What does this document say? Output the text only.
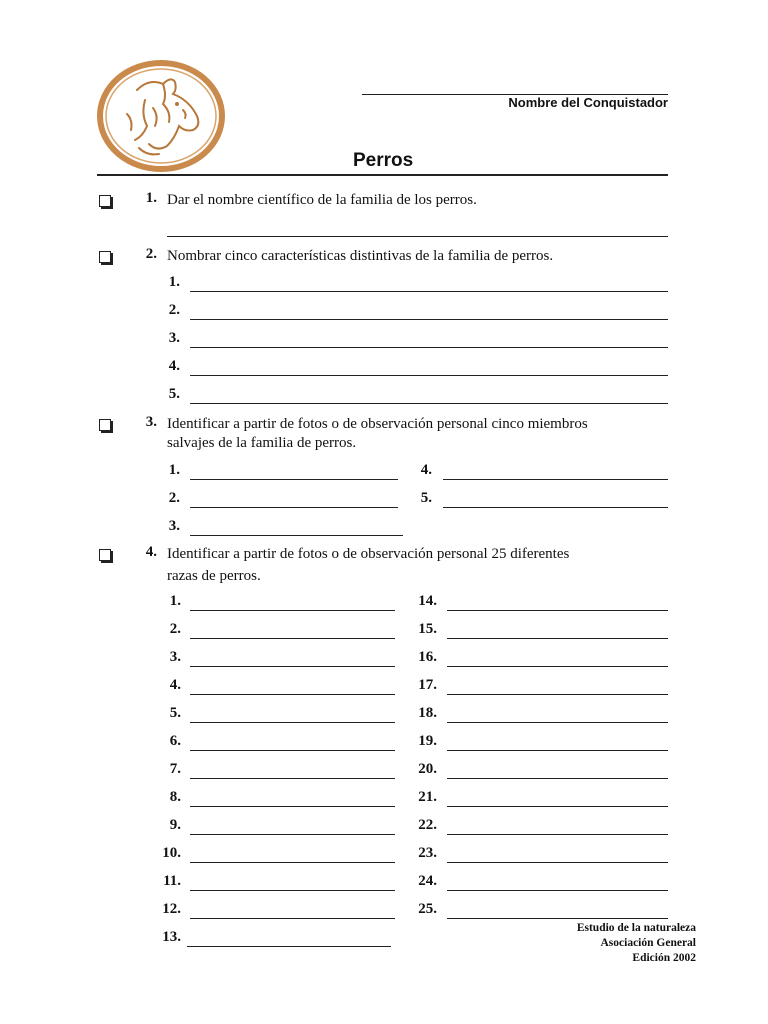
Nombre del Conquistador
Perros
1. Dar el nombre científico de la familia de los perros.
2. Nombrar cinco características distintivas de la familia de perros.
1.
2.
3.
4.
5.
3. Identificar a partir de fotos o de observación personal cinco miembros
salvajes de la familia de perros.
1.
2.
3.
4.
5.
4. Identificar a partir de fotos o de observación personal 25 diferentes
razas de perros.
1.
2.
3.
4.
5.
6.
7.
8.
9.
10.
11.
12.
13.
14.
15.
16.
17.
18.
19.
20.
21.
22.
23.
24.
25.
Estudio de la naturaleza
Asociación General
Edición 2002
